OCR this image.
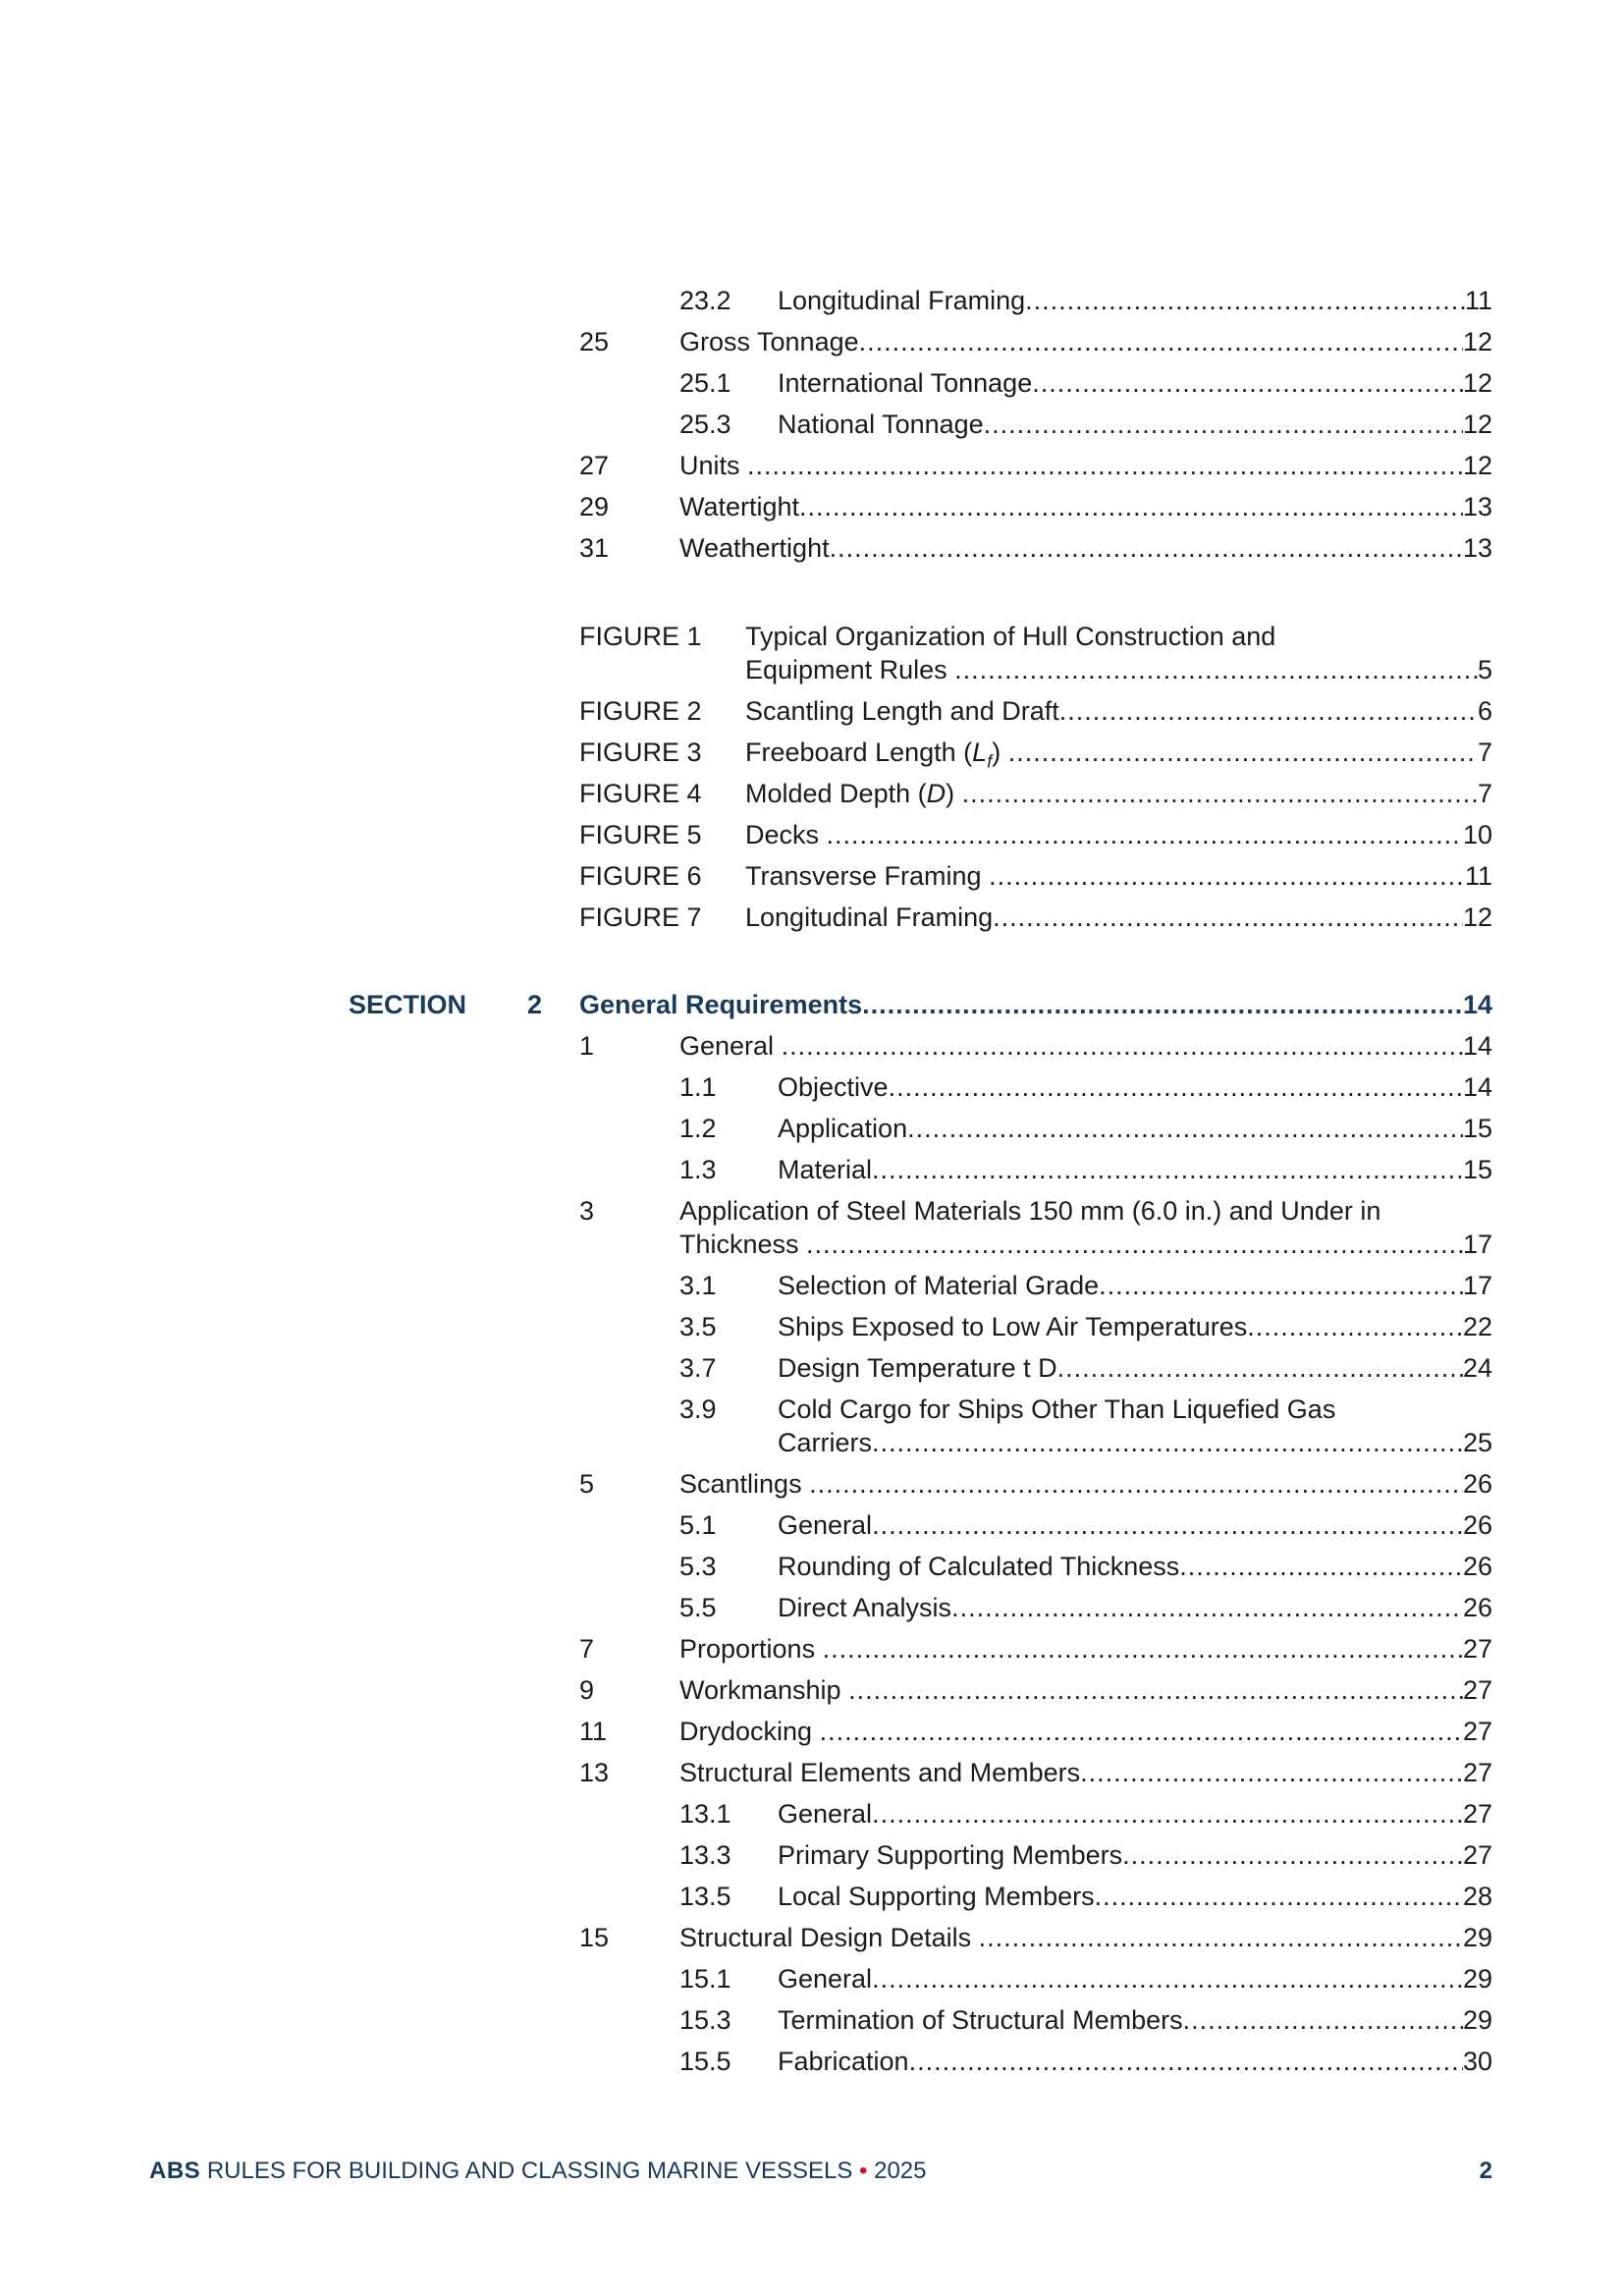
23.2 Longitudinal Framing .....	11
25	Gross Tonnage .....	12
25.1 International Tonnage .....	12
25.3 National Tonnage .....	12
27	Units .....	12
29	Watertight .....	13
31	Weathertight .....	13
FIGURE 1 Typical Organization of Hull Construction and
Equipment Rules .....	5
FIGURE 2 Scantling Length and Draft .....	6
FIGURE 3 Freeboard Length $(L_f)$ .....	7
FIGURE 4 Molded Depth (D) .....	7
FIGURE 5 Decks .....	10
FIGURE 6 Transverse Framing .....	11
FIGURE 7 Longitudinal Framing .....	12
SECTION 2 General Requirements .....	14
1	General .....	14
1.1 Objective .....	14
1.2 Application .....	15
1.3 Material .....	15
3	Application of Steel Materials 150 mm (6.0 in.) and Under in
Thickness .....	17
3.1 Selection of Material Grade .....	17
3.5 Ships Exposed to Low Air Temperatures .....	22
3.7 Design Temperature t D .....	24
3.9 Cold Cargo for Ships Other Than Liquefied Gas
Carriers .....	25
5	Scantlings .....	26
5.1 General .....	26
5.3 Rounding of Calculated Thickness .....	26
5.5 Direct Analysis .....	26
7	Proportions .....	27
9	Workmanship .....	27
11	Drydocking .....	27
13	Structural Elements and Members .....	27
13.1 General .....	27
13.3 Primary Supporting Members .....	27
13.5 Local Supporting Members .....	28
15	Structural Design Details .....	29
15.1 General .....	29
15.3 Termination of Structural Members .....	29
15.5 Fabrication .....	30
ABS RULES FOR BUILDING AND CLASSING MARINE VESSELS • 2025	2
